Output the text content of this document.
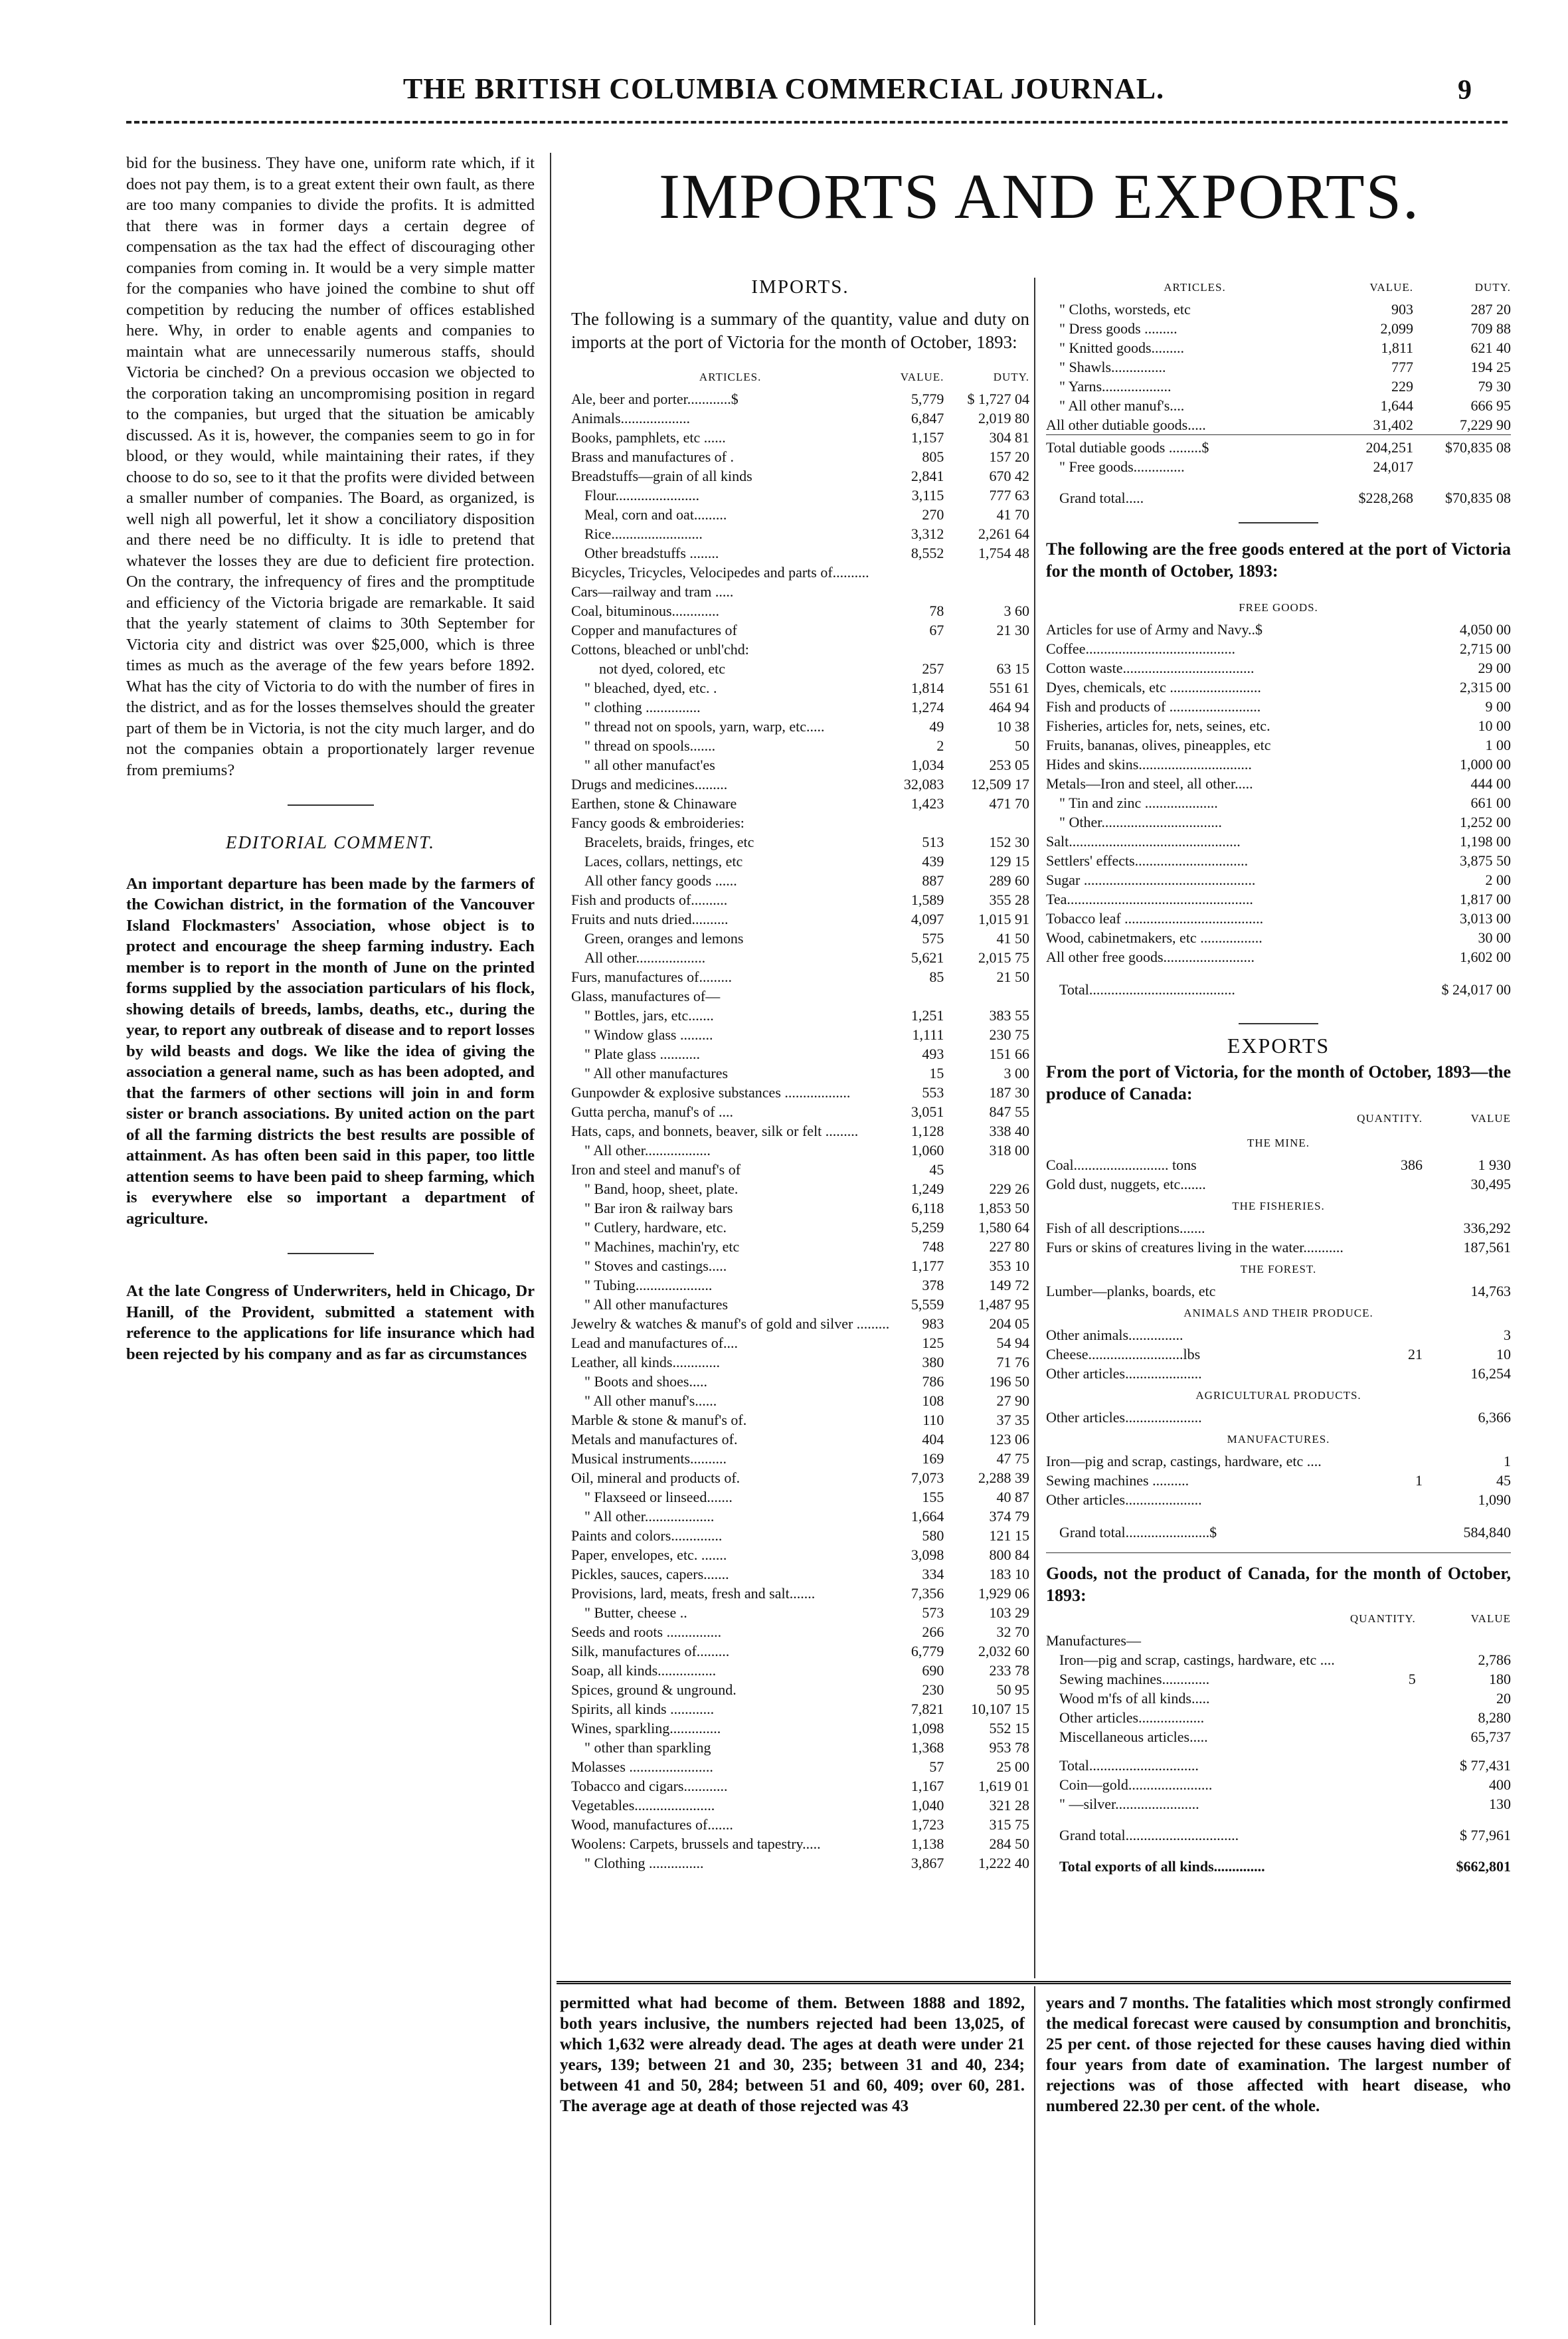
THE BRITISH COLUMBIA COMMERCIAL JOURNAL.	9

bid for the business. They have one, uniform rate which, if it does not pay them, is to a great extent their own fault, as there are too many companies to divide the profits. It is admitted that there was in former days a certain degree of compensation as the tax had the effect of discouraging other companies from coming in. It would be a very simple matter for the companies who have joined the combine to shut off competition by reducing the number of offices established here. Why, in order to enable agents and companies to maintain what are unnecessarily numerous staffs, should Victoria be cinched? On a previous occasion we objected to the corporation taking an uncompromising position in regard to the companies, but urged that the situation be amicably discussed. As it is, however, the companies seem to go in for blood, or they would, while maintaining their rates, if they choose to do so, see to it that the profits were divided between a smaller number of companies. The Board, as organized, is well nigh all powerful, let it show a conciliatory disposition and there need be no difficulty. It is idle to pretend that whatever the losses they are due to deficient fire protection. On the contrary, the infrequency of fires and the promptitude and efficiency of the Victoria brigade are remarkable. It said that the yearly statement of claims to 30th September for Victoria city and district was over $25,000, which is three times as much as the average of the few years before 1892. What has the city of Victoria to do with the number of fires in the district, and as for the losses themselves should the greater part of them be in Victoria, is not the city much larger, and do not the companies obtain a proportionately larger revenue from premiums?

EDITORIAL COMMENT.

An important departure has been made by the farmers of the Cowichan district, in the formation of the Vancouver Island Flockmasters' Association, whose object is to protect and encourage the sheep farming industry. Each member is to report in the month of June on the printed forms supplied by the association particulars of his flock, showing details of breeds, lambs, deaths, etc., during the year, to report any outbreak of disease and to report losses by wild beasts and dogs. We like the idea of giving the association a general name, such as has been adopted, and that the farmers of other sections will join in and form sister or branch associations. By united action on the part of all the farming districts the best results are possible of attainment. As has often been said in this paper, too little attention seems to have been paid to sheep farming, which is everywhere else so important a department of agriculture.

At the late Congress of Underwriters, held in Chicago, Dr Hanill, of the Provident, submitted a statement with reference to the applications for life insurance which had been rejected by his company and as far as circumstances

IMPORTS AND EXPORTS.
IMPORTS.
The following is a summary of the quantity, value and duty on imports at the port of Victoria for the month of October, 1893:
ARTICLES.	VALUE.	DUTY.
Ale, beer and porter............$	5,779	$ 1,727 04
Animals...................	6,847	2,019 80
Books, pamphlets, etc ......	1,157	304 81
Brass and manufactures of .	805	157 20
Breadstuffs—grain of all kinds	2,841	670 42
Flour.......................	3,115	777 63
Meal, corn and oat.........	270	41 70
Rice.........................	3,312	2,261 64
Other breadstuffs ........	8,552	1,754 48
Bicycles, Tricycles, Velocipedes and parts of..........		
Cars—railway and tram .....		
Coal, bituminous.............	78	3 60
Copper and manufactures of	67	21 30
Cottons, bleached or unbl'chd:		
not dyed, colored, etc	257	63 15
" bleached, dyed, etc. .	1,814	551 61
" clothing ...............	1,274	464 94
" thread not on spools, yarn, warp, etc.....	49	10 38
" thread on spools.......	2	50
" all other manufact'es	1,034	253 05
Drugs and medicines.........	32,083	12,509 17
Earthen, stone & Chinaware	1,423	471 70
Fancy goods & embroideries:		
Bracelets, braids, fringes, etc	513	152 30
Laces, collars, nettings, etc	439	129 15
All other fancy goods ......	887	289 60
Fish and products of..........	1,589	355 28
Fruits and nuts dried..........	4,097	1,015 91
Green, oranges and lemons	575	41 50
All other...................	5,621	2,015 75
Furs, manufactures of.........	85	21 50
Glass, manufactures of—		
" Bottles, jars, etc.......	1,251	383 55
" Window glass .........	1,111	230 75
" Plate glass ...........	493	151 66
" All other manufactures	15	3 00
Gunpowder & explosive substances ..................	553	187 30
Gutta percha, manuf's of ....	3,051	847 55
Hats, caps, and bonnets, beaver, silk or felt .........	1,128	338 40
" All other..................	1,060	318 00
Iron and steel and manuf's of	45	
" Band, hoop, sheet, plate.	1,249	229 26
" Bar iron & railway bars	6,118	1,853 50
" Cutlery, hardware, etc.	5,259	1,580 64
" Machines, machin'ry, etc	748	227 80
" Stoves and castings.....	1,177	353 10
" Tubing.....................	378	149 72
" All other manufactures	5,559	1,487 95
Jewelry & watches & manuf's of gold and silver .........	983	204 05
Lead and manufactures of....	125	54 94
Leather, all kinds.............	380	71 76
" Boots and shoes.....	786	196 50
" All other manuf's......	108	27 90
Marble & stone & manuf's of.	110	37 35
Metals and manufactures of.	404	123 06
Musical instruments..........	169	47 75
Oil, mineral and products of.	7,073	2,288 39
" Flaxseed or linseed.......	155	40 87
" All other...................	1,664	374 79
Paints and colors..............	580	121 15
Paper, envelopes, etc. .......	3,098	800 84
Pickles, sauces, capers.......	334	183 10
Provisions, lard, meats, fresh and salt.......	7,356	1,929 06
" Butter, cheese ..	573	103 29
Seeds and roots ...............	266	32 70
Silk, manufactures of.........	6,779	2,032 60
Soap, all kinds................	690	233 78
Spices, ground & unground.	230	50 95
Spirits, all kinds ............	7,821	10,107 15
Wines, sparkling..............	1,098	552 15
" other than sparkling	1,368	953 78
Molasses .......................	57	25 00
Tobacco and cigars............	1,167	1,619 01
Vegetables......................	1,040	321 28
Wood, manufactures of.......	1,723	315 75
Woolens: Carpets, brussels and tapestry.....	1,138	284 50
" Clothing ...............	3,867	1,222 40
ARTICLES.	VALUE.	DUTY.
" Cloths, worsteds, etc	903	287 20
" Dress goods .........	2,099	709 88
" Knitted goods.........	1,811	621 40
" Shawls...............	777	194 25
" Yarns...................	229	79 30
" All other manuf's....	1,644	666 95
All other dutiable goods.....	31,402	7,229 90
Total dutiable goods .........$	204,251	$70,835 08
" Free goods..............	24,017	
Grand total.....	$228,268	$70,835 08
The following are the free goods entered at the port of Victoria for the month of October, 1893:
FREE GOODS.
Articles for use of Army and Navy..$	4,050 00
Coffee.........................................	2,715 00
Cotton waste....................................	29 00
Dyes, chemicals, etc .........................	2,315 00
Fish and products of .........................	9 00
Fisheries, articles for, nets, seines, etc.	10 00
Fruits, bananas, olives, pineapples, etc	1 00
Hides and skins...............................	1,000 00
Metals—Iron and steel, all other.....	444 00
" Tin and zinc ....................	661 00
" Other.................................	1,252 00
Salt...............................................	1,198 00
Settlers' effects...............................	3,875 50
Sugar ...............................................	2 00
Tea...................................................	1,817 00
Tobacco leaf ......................................	3,013 00
Wood, cabinetmakers, etc .................	30 00
All other free goods.........................	1,602 00
Total........................................	$ 24,017 00
EXPORTS
From the port of Victoria, for the month of October, 1893—the produce of Canada:
	QUANTITY.	VALUE
THE MINE.		
Coal.......................... tons	386	1 930
Gold dust, nuggets, etc.......		30,495
THE FISHERIES.		
Fish of all descriptions.......		336,292
Furs or skins of creatures living in the water...........		187,561
THE FOREST.		
Lumber—planks, boards, etc		14,763
ANIMALS AND THEIR PRODUCE.		
Other animals...............		3
Cheese..........................lbs	21	10
Other articles.....................		16,254
AGRICULTURAL PRODUCTS.		
Other articles.....................		6,366
MANUFACTURES.		
Iron—pig and scrap, castings, hardware, etc ....		1
Sewing machines ..........	1	45
Other articles.....................		1,090
Grand total.......................$		584,840
Goods, not the product of Canada, for the month of October, 1893:
	QUANTITY.	VALUE
Manufactures—		
Iron—pig and scrap, castings, hardware, etc ....		2,786
Sewing machines.............	5	180
Wood m'fs of all kinds.....		20
Other articles..................		8,280
Miscellaneous articles.....		65,737
Total..............................		$ 77,431
Coin—gold.......................		400
" —silver.......................		130
Grand total...............................		$ 77,961
Total exports of all kinds..............		$662,801
permitted what had become of them. Between 1888 and 1892, both years inclusive, the numbers rejected had been 13,025, of which 1,632 were already dead. The ages at death were under 21 years, 139; between 21 and 30, 235; between 31 and 40, 234; between 41 and 50, 284; between 51 and 60, 409; over 60, 281. The average age at death of those rejected was 43
years and 7 months. The fatalities which most strongly confirmed the medical forecast were caused by consumption and bronchitis, 25 per cent. of those rejected for these causes having died within four years from date of examination. The largest number of rejections was of those affected with heart disease, who numbered 22.30 per cent. of the whole.
